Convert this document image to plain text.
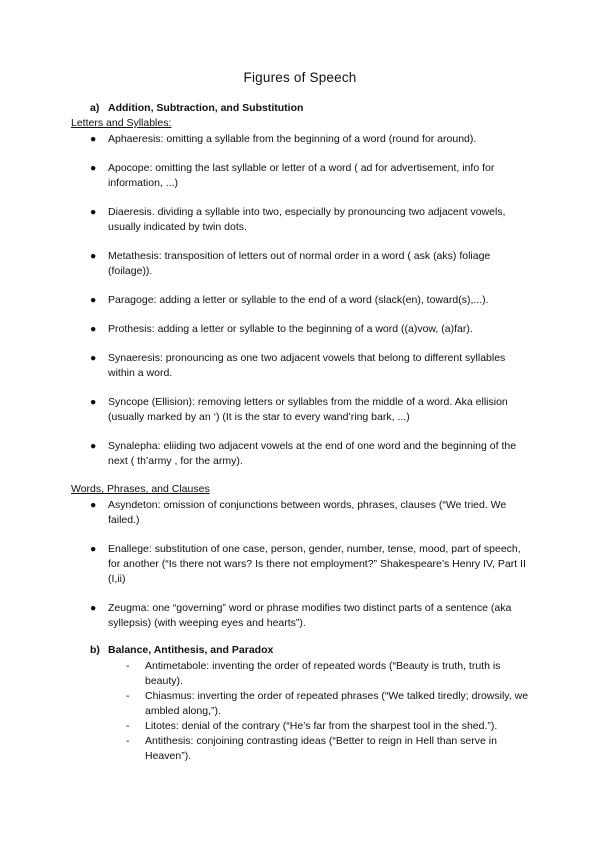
Figures of Speech
a) Addition, Subtraction, and Substitution
Letters and Syllables:
● Aphaeresis: omitting a syllable from the beginning of a word (round for around).
● Apocope: omitting the last syllable or letter of a word ( ad for advertisement, info for information, ...)
● Diaeresis. dividing a syllable into two, especially by pronouncing two adjacent vowels, usually indicated by twin dots.
● Metathesis: transposition of letters out of normal order in a word ( ask (aks) foliage (foilage)).
● Paragoge: adding a letter or syllable to the end of a word (slack(en), toward(s),...).
● Prothesis: adding a letter or syllable to the beginning of a word ((a)vow, (a)far).
● Synaeresis: pronouncing as one two adjacent vowels that belong to different syllables within a word.
● Syncope (Ellision): removing letters or syllables from the middle of a word. Aka ellision (usually marked by an ‘) (It is the star to every wand’ring bark, ...)
● Synalepha: eliiding two adjacent vowels at the end of one word and the beginning of the next ( th’army , for the army).
Words, Phrases, and Clauses
● Asyndeton: omission of conjunctions between words, phrases, clauses (“We tried. We failed.)
● Enallege: substitution of one case, person, gender, number, tense, mood, part of speech, for another (“Is there not wars? Is there not employment?” Shakespeare’s Henry IV, Part II (I,ii)
● Zeugma: one “governing” word or phrase modifies two distinct parts of a sentence (aka syllepsis) (with weeping eyes and hearts”).
b) Balance, Antithesis, and Paradox
- Antimetabole: inventing the order of repeated words (“Beauty is truth, truth is beauty).
- Chiasmus: inverting the order of repeated phrases (“We talked tiredly; drowsily, we ambled along,”).
- Litotes: denial of the contrary (“He’s far from the sharpest tool in the shed.”).
- Antithesis: conjoining contrasting ideas (“Better to reign in Hell than serve in Heaven”).
